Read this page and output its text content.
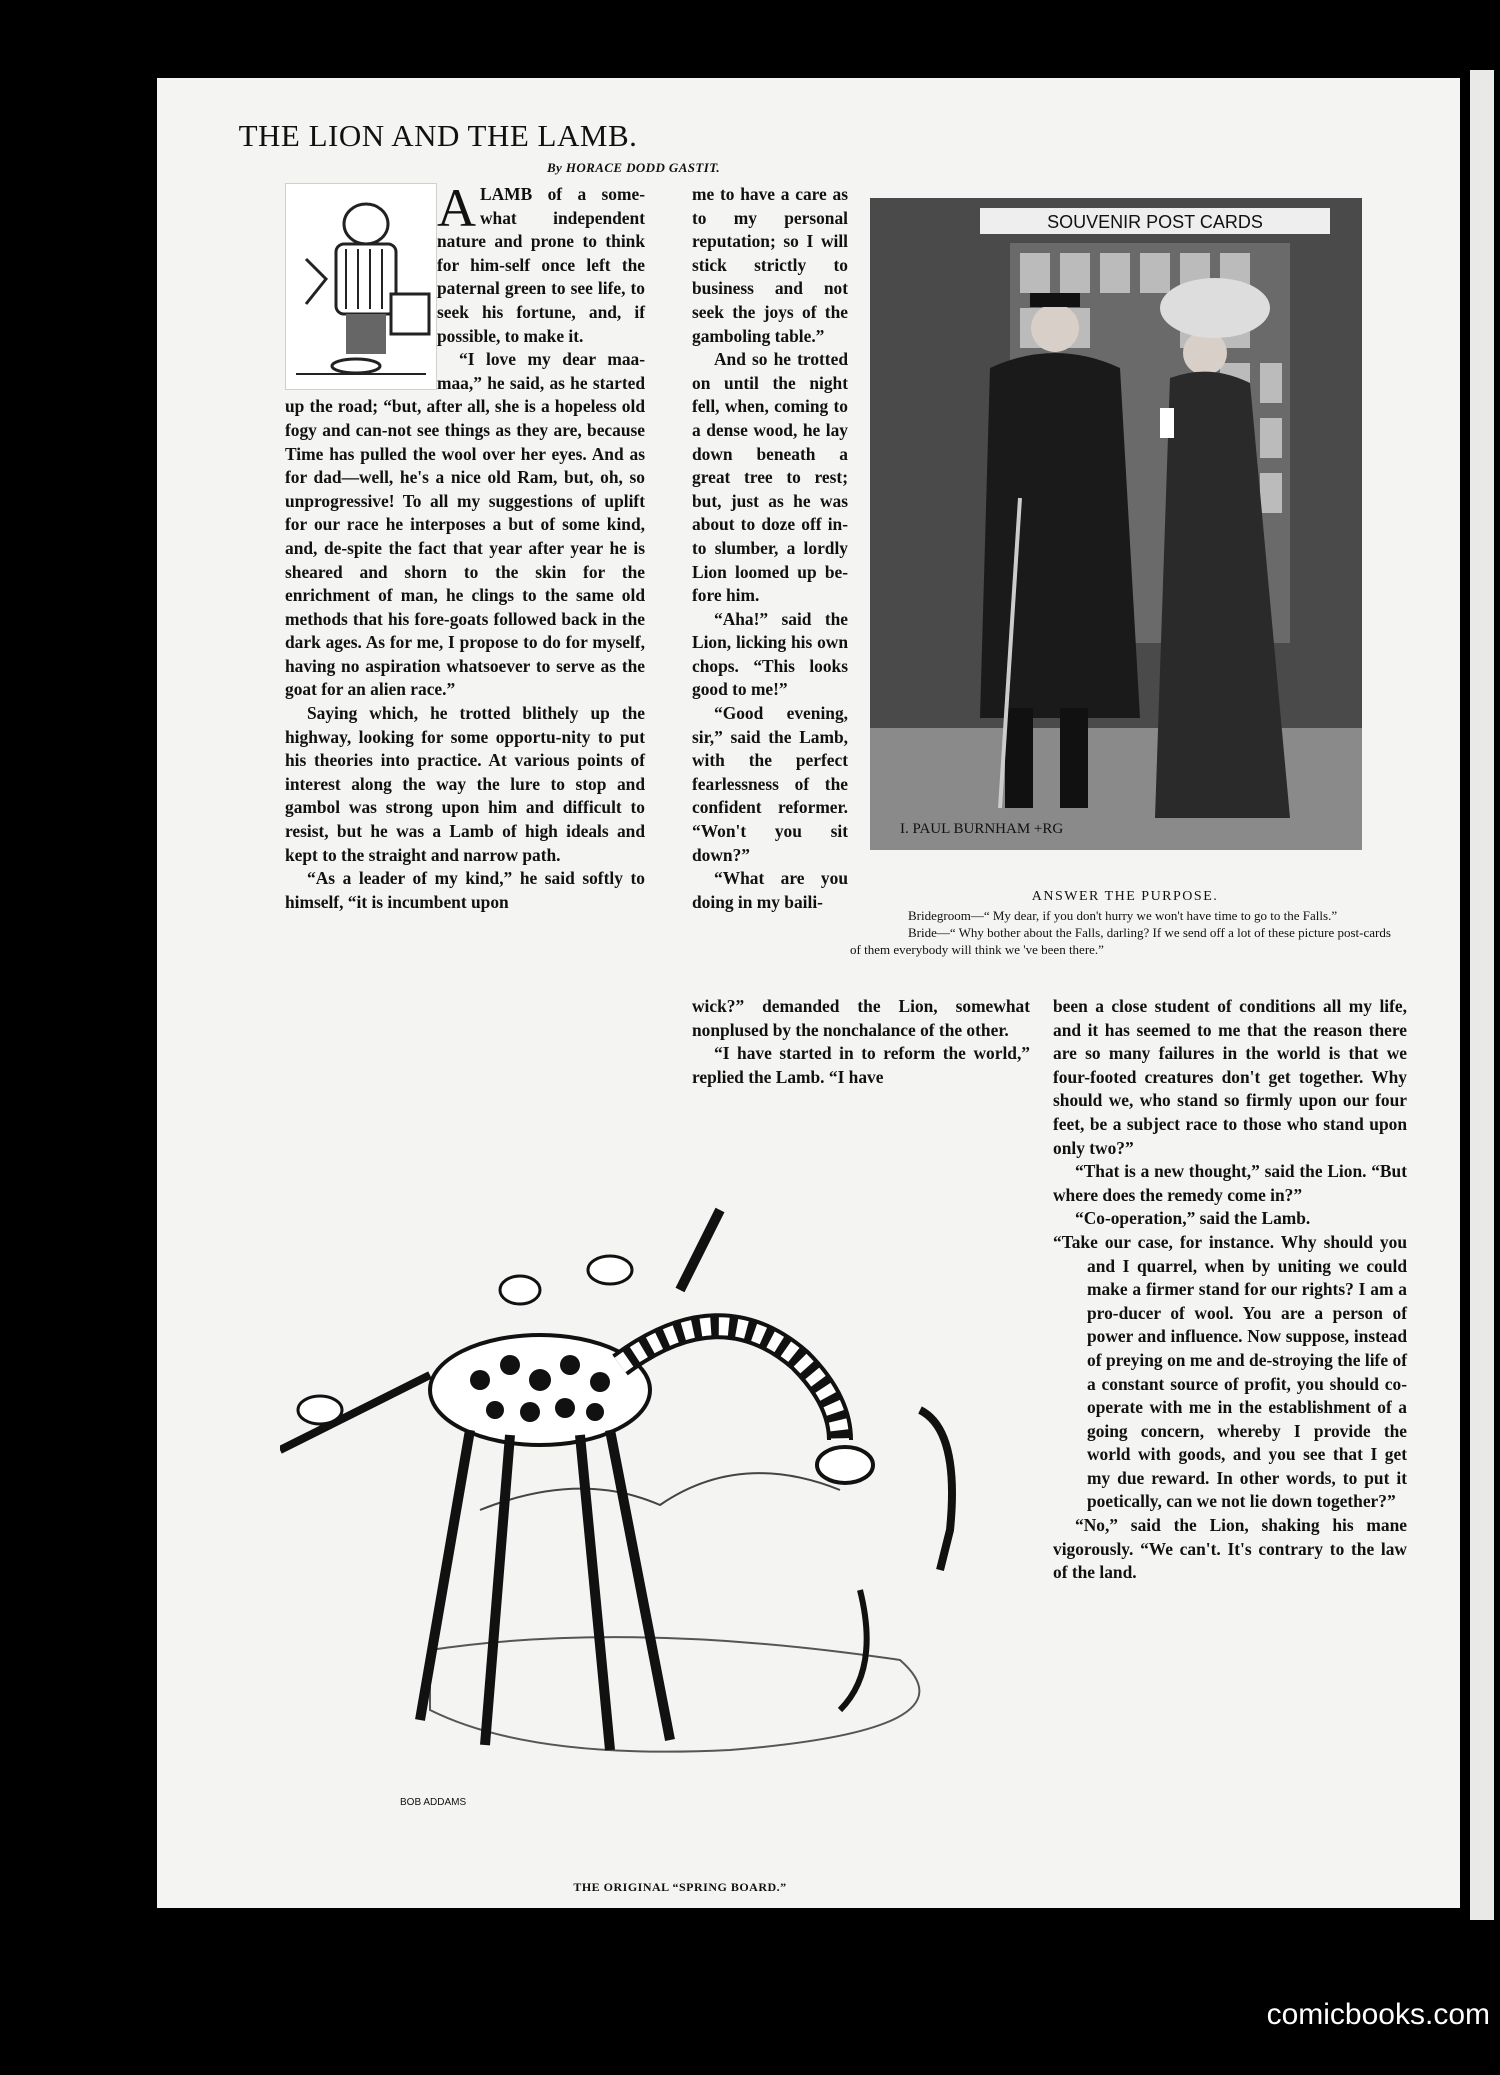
THE LION AND THE LAMB.
By HORACE DODD GASTIT.
A LAMB of a some-what independent nature and prone to think for him-self once left the paternal green to see life, to seek his fortune, and, if possible, to make it.

“I love my dear maa-maa,” he said, as he started up the road; “but, after all, she is a hopeless old fogy and can-not see things as they are, because Time has pulled the wool over her eyes. And as for dad—well, he's a nice old Ram, but, oh, so unprogressive! To all my suggestions of uplift for our race he interposes a but of some kind, and, de-spite the fact that year after year he is sheared and shorn to the skin for the enrichment of man, he clings to the same old methods that his fore-goats followed back in the dark ages. As for me, I propose to do for myself, having no aspiration whatsoever to serve as the goat for an alien race.”

Saying which, he trotted blithely up the highway, looking for some opportu-nity to put his theories into practice. At various points of interest along the way the lure to stop and gambol was strong upon him and difficult to resist, but he was a Lamb of high ideals and kept to the straight and narrow path.

“As a leader of my kind,” he said softly to himself, “it is incumbent upon

me to have a care as to my personal reputation; so I will stick strictly to business and not seek the joys of the gamboling table.”

And so he trotted on until the night fell, when, coming to a dense wood, he lay down beneath a great tree to rest; but, just as he was about to doze off in-to slumber, a lordly Lion loomed up be-fore him.

“Aha!” said the Lion, licking his own chops. “This looks good to me!”

“Good evening, sir,” said the Lamb, with the perfect fearlessness of the confident reformer. “Won't you sit down?”

“What are you doing in my baili-

SOUVENIR POST CARDS
I. PAUL BURNHAM +RG
ANSWER THE PURPOSE.
Bridegroom—“ My dear, if you don't hurry we won't have time to go to the Falls.”
Bride—“ Why bother about the Falls, darling? If we send off a lot of these picture post-cards of them everybody will think we 've been there.”

wick?” demanded the Lion, somewhat nonplused by the nonchalance of the other.

“I have started in to reform the world,” replied the Lamb. “I have

been a close student of conditions all my life, and it has seemed to me that the reason there are so many failures in the world is that we four-footed creatures don't get together. Why should we, who stand so firmly upon our four feet, be a subject race to those who stand upon only two?”

“That is a new thought,” said the Lion. “But where does the remedy come in?”

“Co-operation,” said the Lamb.

“Take our case, for instance. Why should you and I quarrel, when by uniting we could make a firmer stand for our rights? I am a pro-ducer of wool. You are a person of power and influence. Now suppose, instead of preying on me and de-stroying the life of a constant source of profit, you should co-operate with me in the establishment of a going concern, whereby I provide the world with goods, and you see that I get my due reward. In other words, to put it poetically, can we not lie down together?”

“No,” said the Lion, shaking his mane vigorously. “We can't. It's contrary to the law of the land.

BOB ADDAMS
THE ORIGINAL “SPRING BOARD.”
comicbooks.com
